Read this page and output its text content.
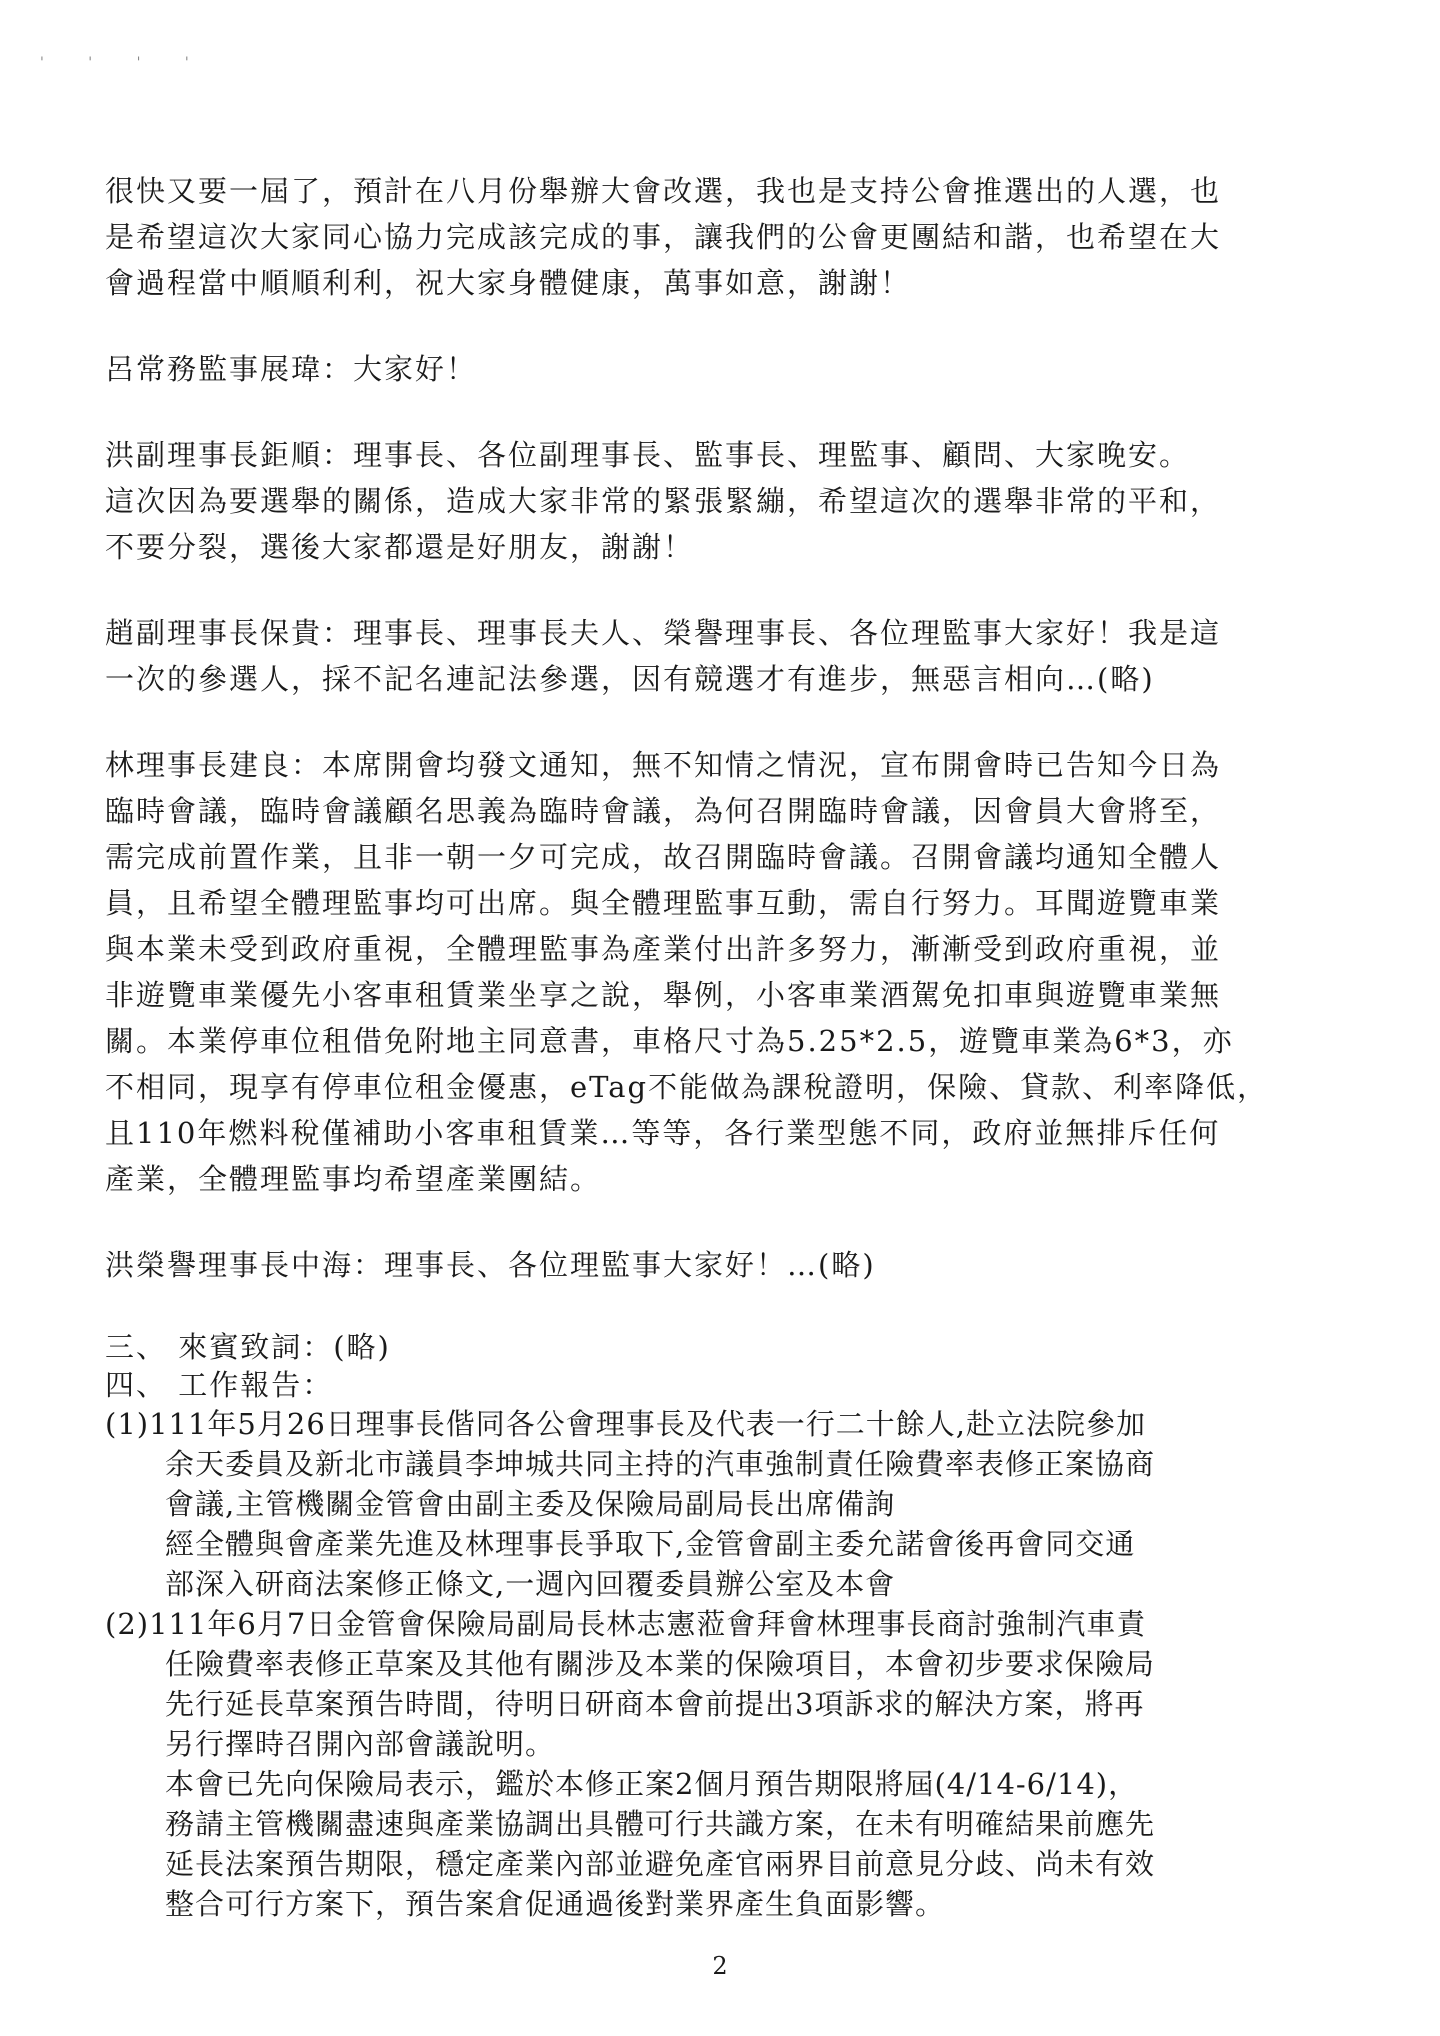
' ' ' '
很快又要一屆了，預計在八月份舉辦大會改選，我也是支持公會推選出的人選，也
是希望這次大家同心協力完成該完成的事，讓我們的公會更團結和諧，也希望在大
會過程當中順順利利，祝大家身體健康，萬事如意，謝謝！
呂常務監事展瑋：大家好！
洪副理事長鉅順：理事長、各位副理事長、監事長、理監事、顧問、大家晚安。
這次因為要選舉的關係，造成大家非常的緊張緊繃，希望這次的選舉非常的平和，
不要分裂，選後大家都還是好朋友，謝謝！
趙副理事長保貴：理事長、理事長夫人、榮譽理事長、各位理監事大家好！我是這
一次的參選人，採不記名連記法參選，因有競選才有進步，無惡言相向…(略)
林理事長建良：本席開會均發文通知，無不知情之情況，宣布開會時已告知今日為
臨時會議，臨時會議顧名思義為臨時會議，為何召開臨時會議，因會員大會將至，
需完成前置作業，且非一朝一夕可完成，故召開臨時會議。召開會議均通知全體人
員，且希望全體理監事均可出席。與全體理監事互動，需自行努力。耳聞遊覽車業
與本業未受到政府重視，全體理監事為產業付出許多努力，漸漸受到政府重視，並
非遊覽車業優先小客車租賃業坐享之說，舉例，小客車業酒駕免扣車與遊覽車業無
關。本業停車位租借免附地主同意書，車格尺寸為5.25*2.5，遊覽車業為6*3，亦
不相同，現享有停車位租金優惠，eTag不能做為課稅證明，保險、貸款、利率降低，
且110年燃料稅僅補助小客車租賃業…等等，各行業型態不同，政府並無排斥任何
產業，全體理監事均希望產業團結。
洪榮譽理事長中海：理事長、各位理監事大家好！…(略)
三、 來賓致詞：(略)
四、 工作報告：
(1)111年5月26日理事長偕同各公會理事長及代表一行二十餘人,赴立法院參加
余天委員及新北市議員李坤城共同主持的汽車強制責任險費率表修正案協商
會議,主管機關金管會由副主委及保險局副局長出席備詢
經全體與會產業先進及林理事長爭取下,金管會副主委允諾會後再會同交通
部深入研商法案修正條文,一週內回覆委員辦公室及本會
(2)111年6月7日金管會保險局副局長林志憲蒞會拜會林理事長商討強制汽車責
任險費率表修正草案及其他有關涉及本業的保險項目，本會初步要求保險局
先行延長草案預告時間，待明日研商本會前提出3項訴求的解決方案，將再
另行擇時召開內部會議說明。
本會已先向保險局表示，鑑於本修正案2個月預告期限將屆(4/14-6/14)，
務請主管機關盡速與產業協調出具體可行共識方案，在未有明確結果前應先
延長法案預告期限，穩定產業內部並避免產官兩界目前意見分歧、尚未有效
整合可行方案下，預告案倉促通過後對業界產生負面影響。
2
